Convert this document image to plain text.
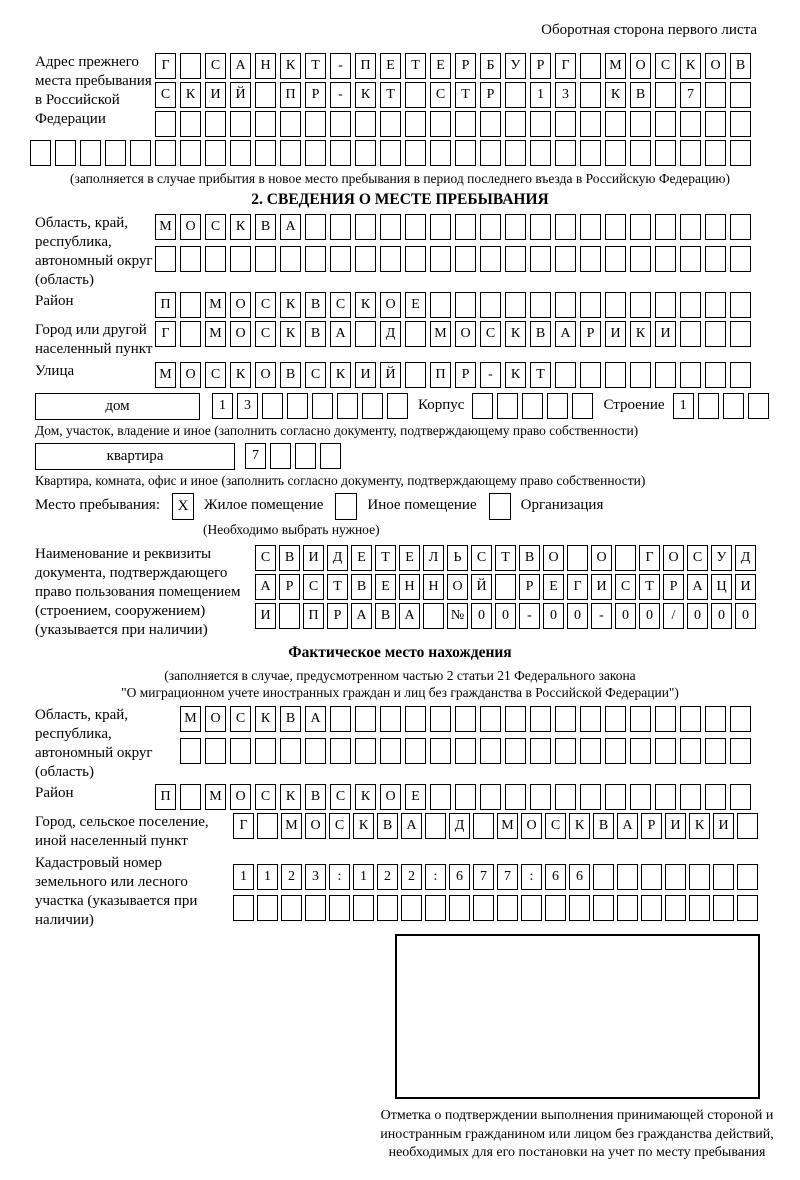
Оборотная сторона первого листа
Адрес прежнего места пребывания в Российской Федерации
Г	С	А	Н	К	Т	-	П	Е	Т	Е	Р	Б	У	Р	Г	М О	С	К	О	В
С	К	И	Й	П	Р	-	К	Т	С	Т	Р	1	3	К	В	7
(заполняется в случае прибытия в новое место пребывания в период последнего въезда в Российскую Федерацию)
2. СВЕДЕНИЯ О МЕСТЕ ПРЕБЫВАНИЯ
Область, край, республика, автономный округ (область)
М О	С	К	В	А
Район	П	М О	С	К	В	С	К	О	Е
Город или другой населенный пункт
Г	М О	С	К	В	А	Д	М О	С	К	В	А	Р	И	К	И
Улица	М О	С	К	О	В	С	К	И	Й	П	Р	-	К	Т
дом	1	3	Корпус	Строение	1
Дом, участок, владение и иное (заполнить согласно документу, подтверждающему право собственности)
квартира	7
Квартира, комната, офис и иное (заполнить согласно документу, подтверждающему право собственности)
Место пребывания:	X	Жилое помещение	Иное помещение	Организация
(Необходимо выбрать нужное)
Наименование и реквизиты документа, подтверждающего право пользования помещением (строением, сооружением) (указывается при наличии)
С	В	И	Д	Е	Т	Е	Л	Ь	С	Т	В	О	О	Г	О	С	У	Д
А	Р	С	Т	В	Е	Н Н О Й	Р	Е	Г	И	С	Т	Р	А Ц И
И	П	Р	А	В	А	№ 0	0	-	0	0	-	0	0	/	0	0	0
Фактическое место нахождения
(заполняется в случае, предусмотренном частью 2 статьи 21 Федерального закона
"О миграционном учете иностранных граждан и лиц без гражданства в Российской Федерации")
Область, край, республика, автономный округ (область)
М О	С	К	В	А
Район	П	М О	С	К	В	С	К	О	Е
Город, сельское поселение, иной населенный пункт
Г	М О	С	К	В	А	Д	М О	С	К	В	А	Р	И	К	И
Кадастровый номер земельного или лесного участка (указывается при наличии)
1	1	2	3	:	1	2	2	:	6	7	7	:	6	6
Отметка о подтверждении выполнения принимающей стороной и иностранным гражданином или лицом без гражданства действий, необходимых для его постановки на учет по месту пребывания
